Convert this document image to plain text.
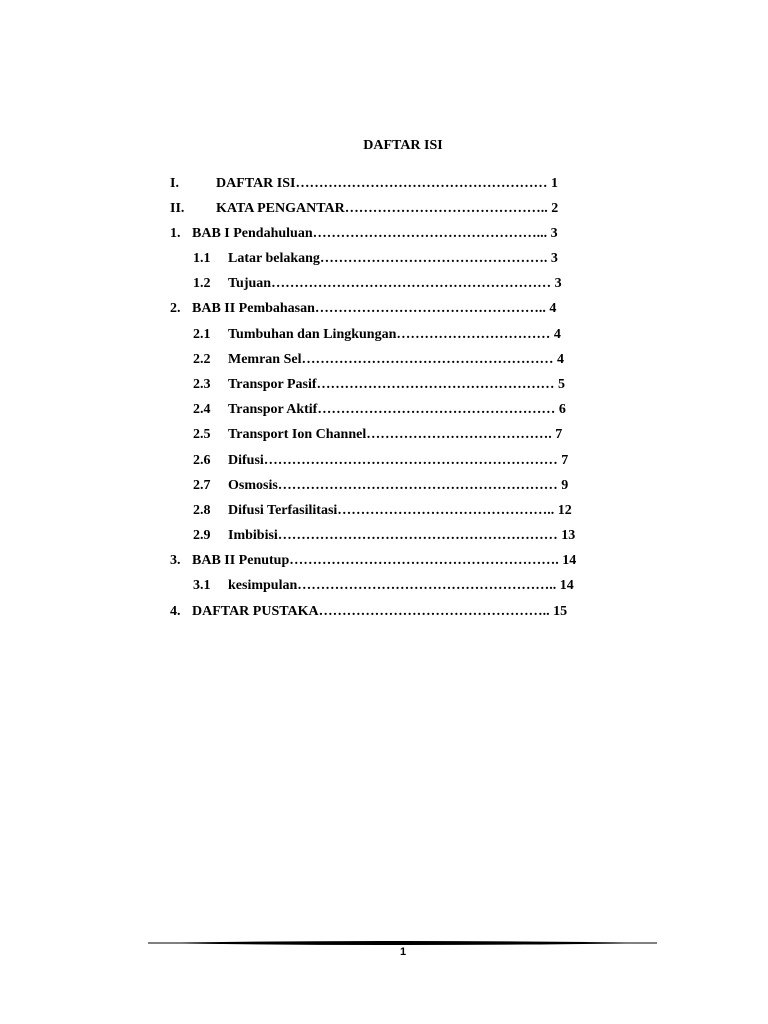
DAFTAR ISI
I.	DAFTAR ISI……………………………………………… 1
II. KATA PENGANTAR…………………………………….. 2
1. BAB I Pendahuluan…………………………………………... 3
1.1 Latar belakang…………………………………………. 3
1.2 Tujuan…………………………………………………… 3
2. BAB II Pembahasan………………………………………….. 4
2.1 Tumbuhan dan Lingkungan…………………………… 4
2.2 Memran Sel……………………………………………… 4
2.3 Transpor Pasif…………………………………………… 5
2.4 Transpor Aktif…………………………………………… 6
2.5 Transport Ion Channel…………………………………. 7
2.6 Difusi……………………………………………………… 7
2.7 Osmosis…………………………………………………… 9
2.8 Difusi Terfasilitasi……………………………………….. 12
2.9 Imbibisi…………………………………………………… 13
3. BAB II Penutup…………………………………………………. 14
3.1 kesimpulan……………………………………………….. 14
4. DAFTAR PUSTAKA………………………………………….. 15
1
